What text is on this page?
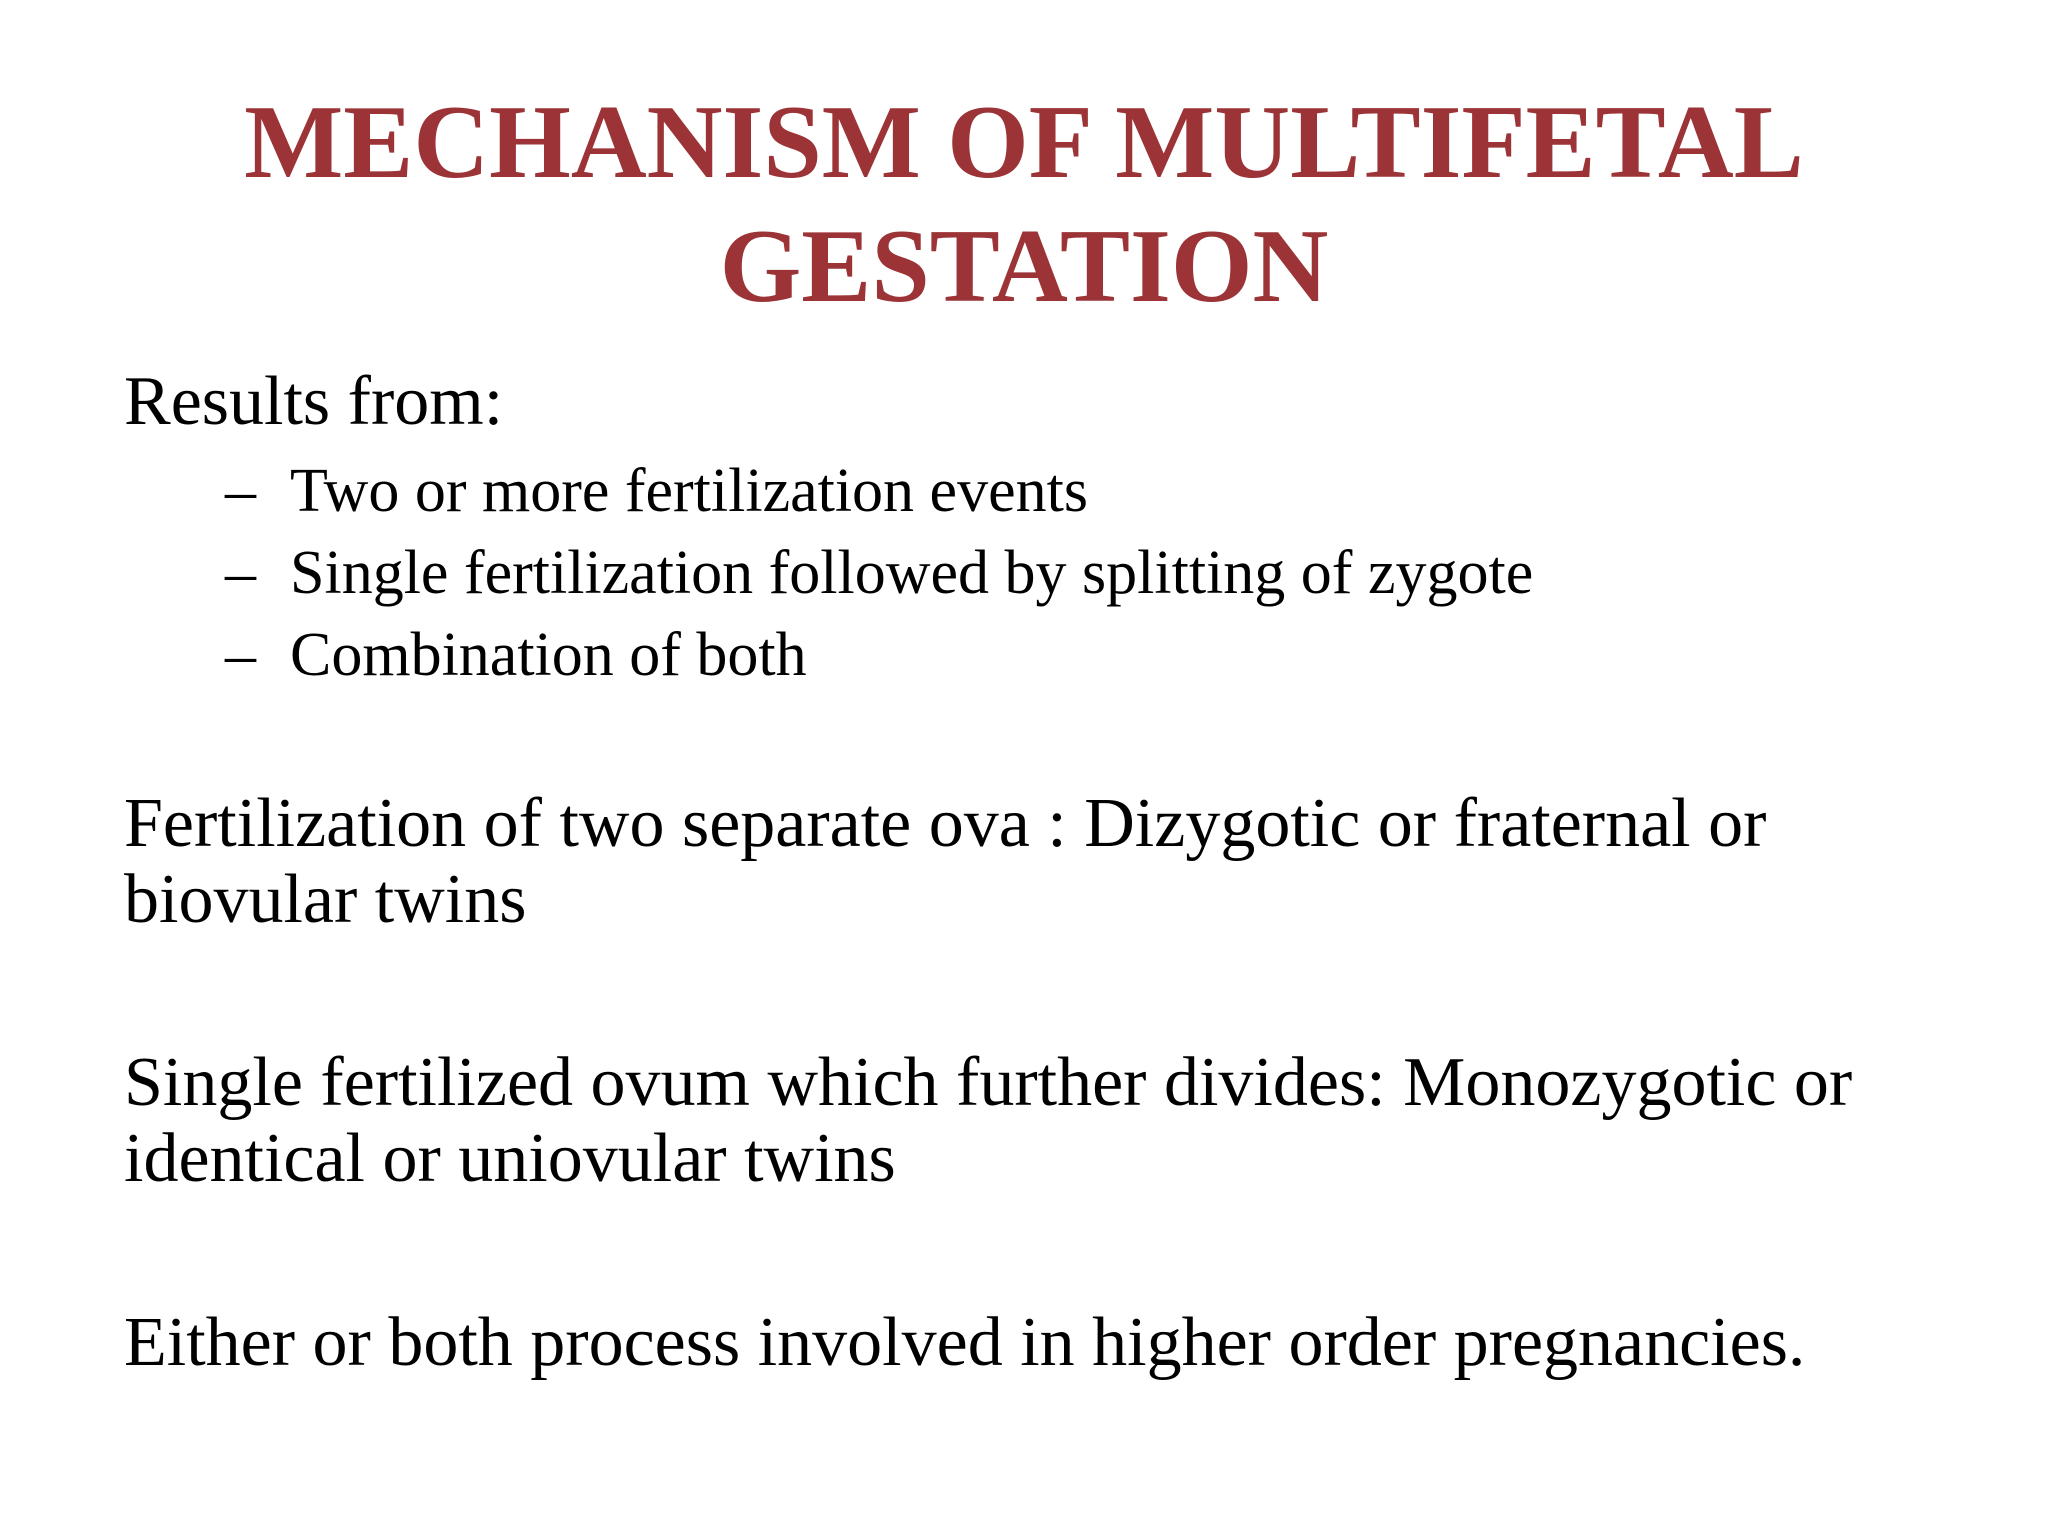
MECHANISM OF MULTIFETAL
GESTATION

Results from:

– Two or more fertilization events
– Single fertilization followed by splitting of zygote
– Combination of both

Fertilization of two separate ova : Dizygotic or fraternal or biovular twins

Single fertilized ovum which further divides: Monozygotic or identical or uniovular twins

Either or both process involved in higher order pregnancies.
